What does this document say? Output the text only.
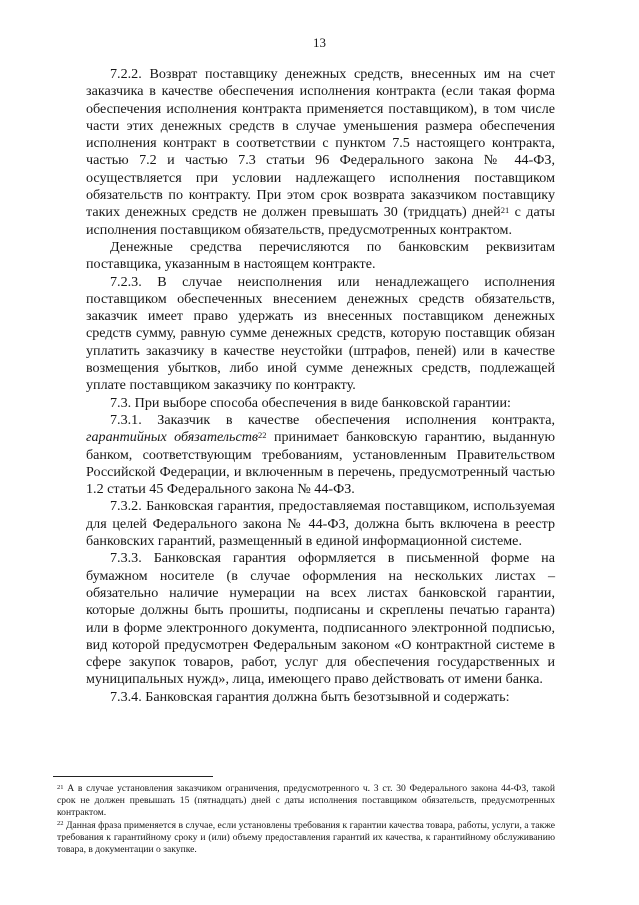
13

7.2.2. Возврат поставщику денежных средств, внесенных им на счет заказчика в качестве обеспечения исполнения контракта (если такая форма обеспечения исполнения контракта применяется поставщиком), в том числе части этих денежных средств в случае уменьшения размера обеспечения исполнения контракт в соответствии с пунктом 7.5 настоящего контракта, частью 7.2 и частью 7.3 статьи 96 Федерального закона № 44-ФЗ, осуществляется при условии надлежащего исполнения поставщиком обязательств по контракту. При этом срок возврата заказчиком поставщику таких денежных средств не должен превышать 30 (тридцать) дней$^{21}$ с даты исполнения поставщиком обязательств, предусмотренных контрактом.

Денежные средства перечисляются по банковским реквизитам поставщика, указанным в настоящем контракте.

7.2.3. В случае неисполнения или ненадлежащего исполнения поставщиком обеспеченных внесением денежных средств обязательств, заказчик имеет право удержать из внесенных поставщиком денежных средств сумму, равную сумме денежных средств, которую поставщик обязан уплатить заказчику в качестве неустойки (штрафов, пеней) или в качестве возмещения убытков, либо иной сумме денежных средств, подлежащей уплате поставщиком заказчику по контракту.

7.3. При выборе способа обеспечения в виде банковской гарантии:

7.3.1. Заказчик в качестве обеспечения исполнения контракта, гарантийных обязательств$^{22}$ принимает банковскую гарантию, выданную банком, соответствующим требованиям, установленным Правительством Российской Федерации, и включенным в перечень, предусмотренный частью 1.2 статьи 45 Федерального закона № 44-ФЗ.

7.3.2. Банковская гарантия, предоставляемая поставщиком, используемая для целей Федерального закона № 44-ФЗ, должна быть включена в реестр банковских гарантий, размещенный в единой информационной системе.

7.3.3. Банковская гарантия оформляется в письменной форме на бумажном носителе (в случае оформления на нескольких листах – обязательно наличие нумерации на всех листах банковской гарантии, которые должны быть прошиты, подписаны и скреплены печатью гаранта) или в форме электронного документа, подписанного электронной подписью, вид которой предусмотрен Федеральным законом «О контрактной системе в сфере закупок товаров, работ, услуг для обеспечения государственных и муниципальных нужд», лица, имеющего право действовать от имени банка.

7.3.4. Банковская гарантия должна быть безотзывной и содержать:

$^{21}$ А в случае установления заказчиком ограничения, предусмотренного ч. 3 ст. 30 Федерального закона 44-ФЗ, такой срок не должен превышать 15 (пятнадцать) дней с даты исполнения поставщиком обязательств, предусмотренных контрактом.

$^{22}$ Данная фраза применяется в случае, если установлены требования к гарантии качества товара, работы, услуги, а также требования к гарантийному сроку и (или) объему предоставления гарантий их качества, к гарантийному обслуживанию товара, в документации о закупке.
